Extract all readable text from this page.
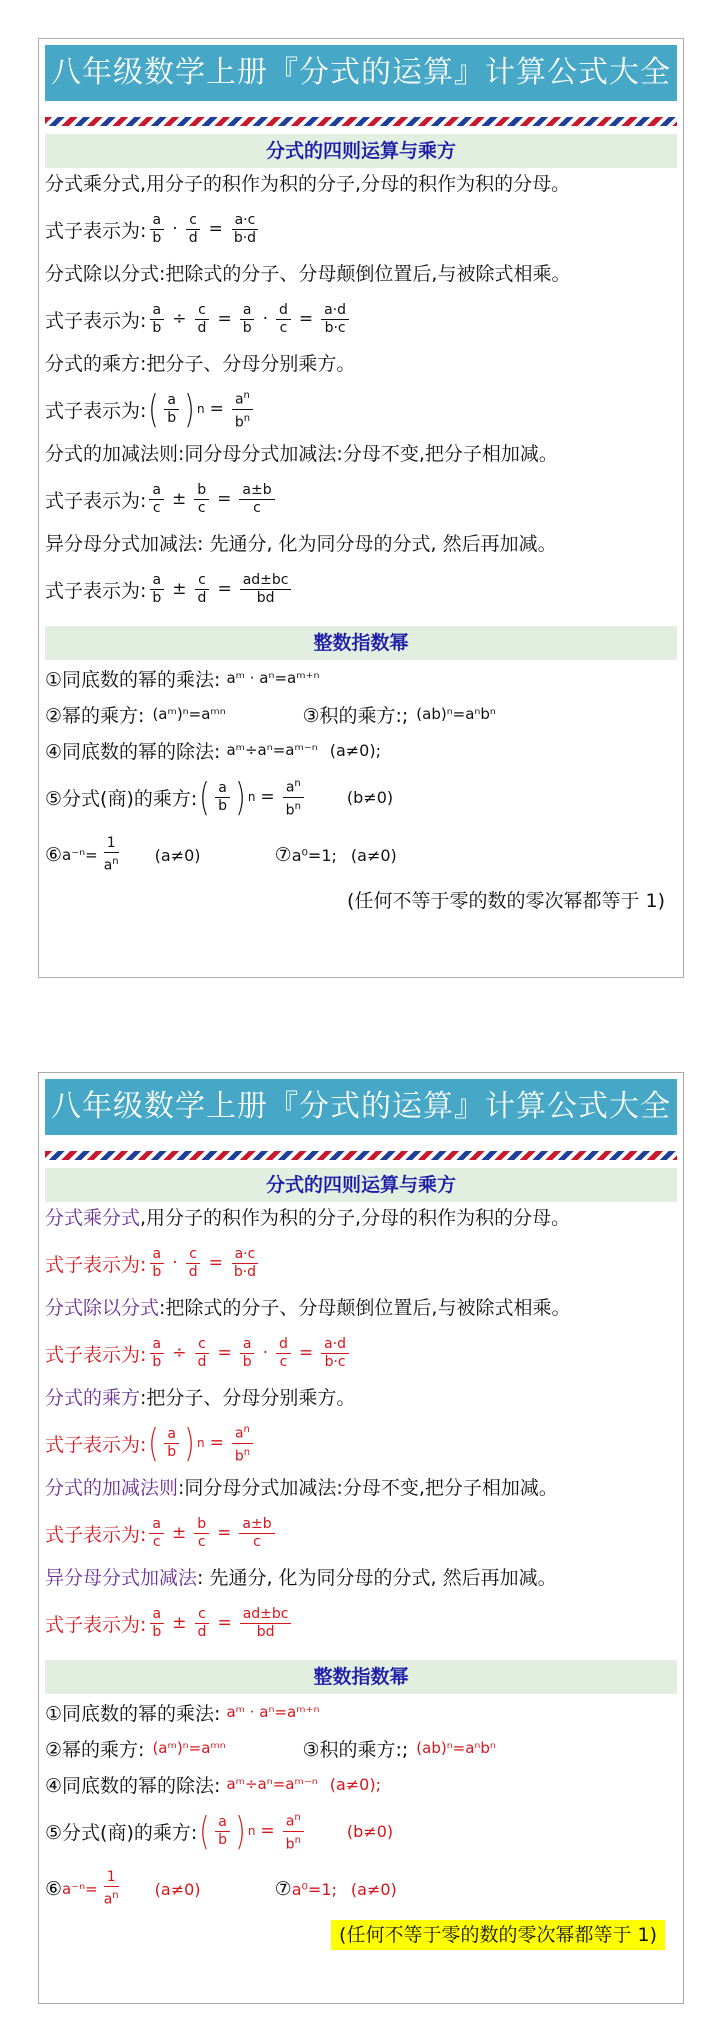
八年级数学上册『分式的运算』计算公式大全
分式的四则运算与乘方
分式乘分式,用分子的积作为积的分子,分母的积作为积的分母。
式子表示为: $\frac{a}{b} \cdot \frac{c}{d} = \frac{a\cdot c}{b\cdot d}$
分式除以分式:把除式的分子、分母颠倒位置后,与被除式相乘。
式子表示为: $\frac{a}{b} \div \frac{c}{d} = \frac{a}{b} \cdot \frac{d}{c} = \frac{a\cdot d}{b\cdot c}$
分式的乘方:把分子、分母分别乘方。
式子表示为: ( $\frac{a}{b}$ ) $n = \frac{a^n}{b^n}$
分式的加减法则:同分母分式加减法:分母不变,把分子相加减。
式子表示为: $\frac{a}{c} \pm \frac{b}{c} = \frac{a\pm b}{c}$
异分母分式加减法: 先通分, 化为同分母的分式, 然后再加减。
式子表示为: $\frac{a}{b} \pm \frac{c}{d} = \frac{ad\pm bc}{bd}$
整数指数幂
①同底数的幂的乘法: aᵐ · aⁿ=aᵐ⁺ⁿ
②幂的乘方: (aᵐ)ⁿ=aᵐⁿ	③积的乘方:; (ab)ⁿ=aⁿbⁿ
④同底数的幂的除法: aᵐ÷aⁿ=aᵐ⁻ⁿ (a≠0);
⑤分式(商)的乘方: ( $\frac{a}{b}$ ) $n = \frac{a^n}{b^n}$	(b≠0)
⑥ $a^{-n}= \frac{1}{a^n} (a\ne 0)$	⑦ a⁰=1; (a≠0)
(任何不等于零的数的零次幂都等于 1)
八年级数学上册『分式的运算』计算公式大全
分式的四则运算与乘方
分式乘分式,用分子的积作为积的分子,分母的积作为积的分母。
式子表示为: $\frac{a}{b} \cdot \frac{c}{d} = \frac{a\cdot c}{b\cdot d}$
分式除以分式:把除式的分子、分母颠倒位置后,与被除式相乘。
式子表示为: $\frac{a}{b} \div \frac{c}{d} = \frac{a}{b} \cdot \frac{d}{c} = \frac{a\cdot d}{b\cdot c}$
分式的乘方:把分子、分母分别乘方。
式子表示为: ( $\frac{a}{b}$ ) $n = \frac{a^n}{b^n}$
分式的加减法则:同分母分式加减法:分母不变,把分子相加减。
式子表示为: $\frac{a}{c} \pm \frac{b}{c} = \frac{a\pm b}{c}$
异分母分式加减法: 先通分, 化为同分母的分式, 然后再加减。
式子表示为: $\frac{a}{b} \pm \frac{c}{d} = \frac{ad\pm bc}{bd}$
整数指数幂
①同底数的幂的乘法: aᵐ · aⁿ=aᵐ⁺ⁿ
②幂的乘方: (aᵐ)ⁿ=aᵐⁿ	③积的乘方:; (ab)ⁿ=aⁿbⁿ
④同底数的幂的除法: aᵐ÷aⁿ=aᵐ⁻ⁿ (a≠0);
⑤分式(商)的乘方: ( $\frac{a}{b}$ ) $n = \frac{a^n}{b^n}$	(b≠0)
⑥ $a^{-n}= \frac{1}{a^n} (a\ne 0)$	⑦ a⁰=1; (a≠0)
(任何不等于零的数的零次幂都等于 1)
